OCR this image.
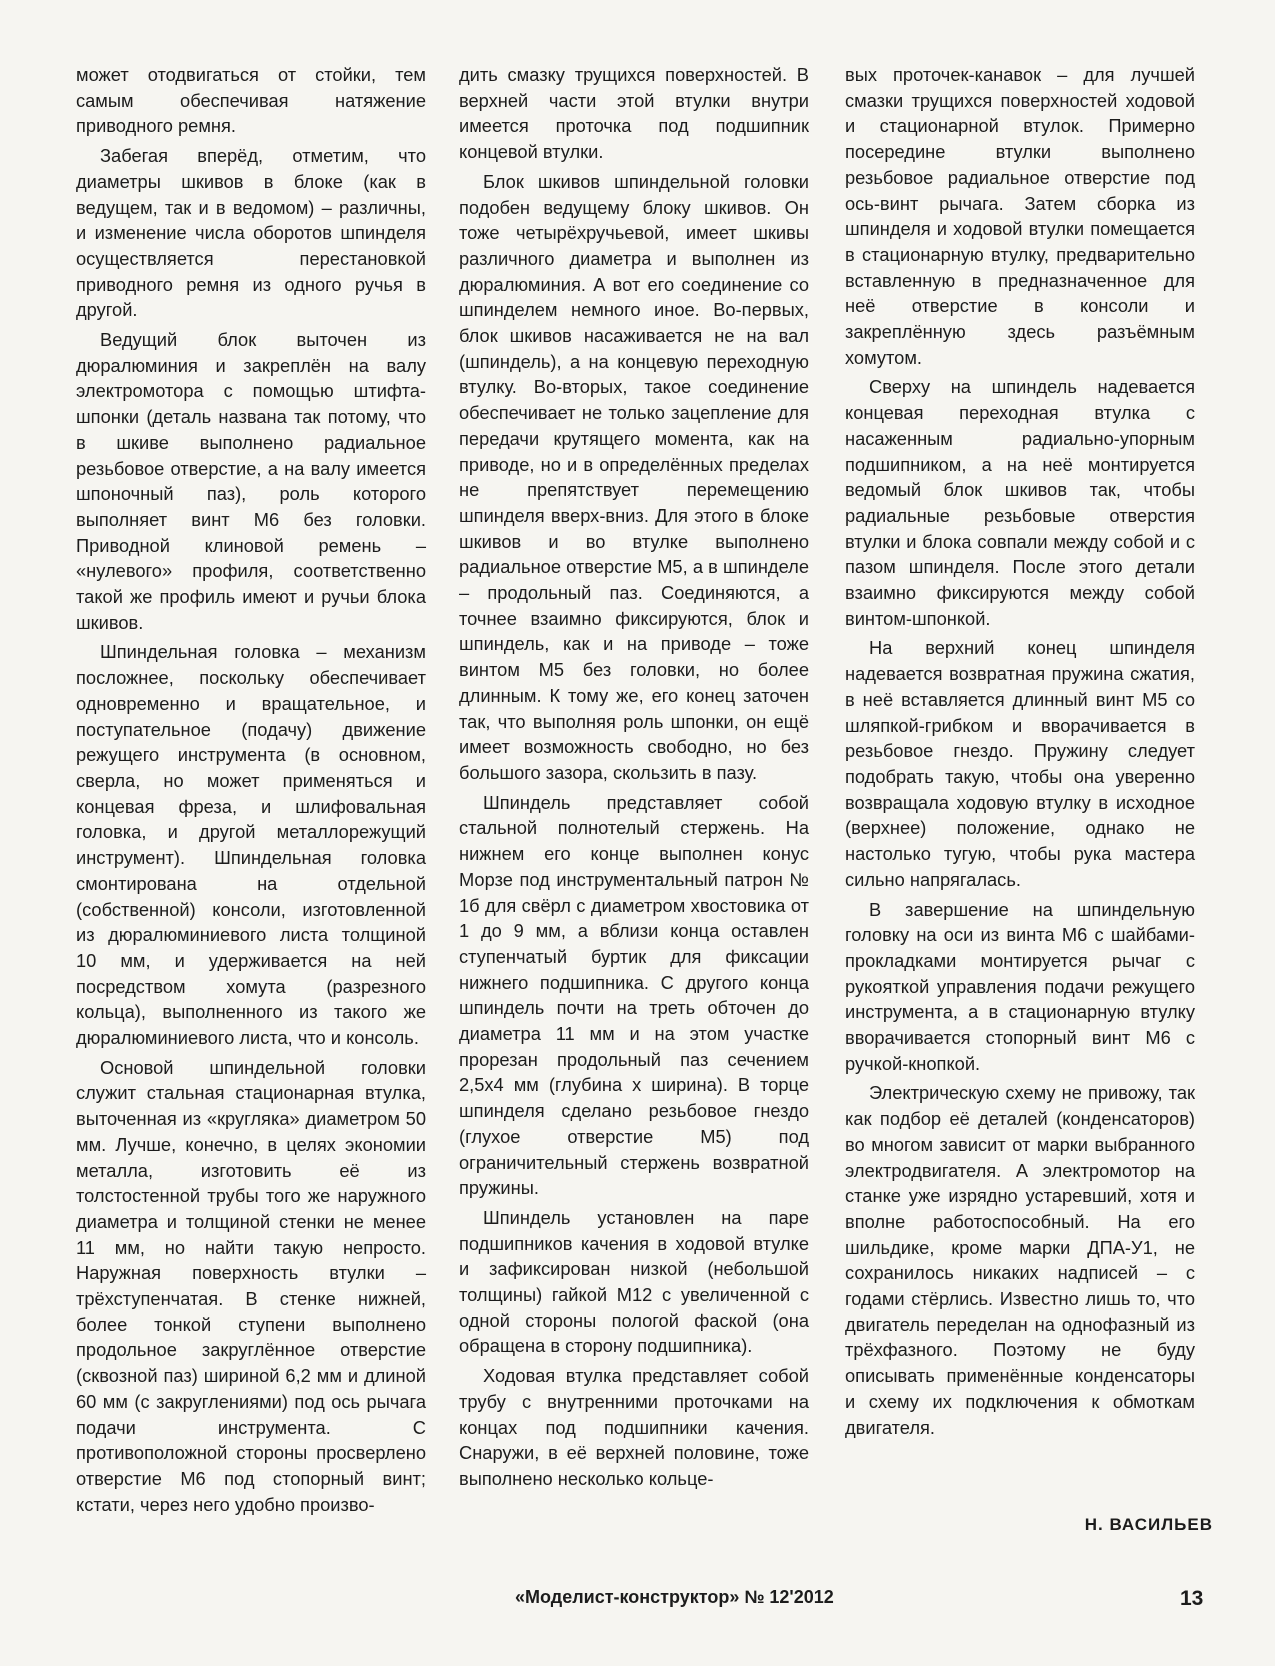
может отодвигаться от стойки, тем самым обеспечивая натяжение приводного ремня.

Забегая вперёд, отметим, что диаметры шкивов в блоке (как в ведущем, так и в ведомом) – различны, и изменение числа оборотов шпинделя осуществляется перестановкой приводного ремня из одного ручья в другой.

Ведущий блок выточен из дюралюминия и закреплён на валу электромотора с помощью штифта-шпонки (деталь названа так потому, что в шкиве выполнено радиальное резьбовое отверстие, а на валу имеется шпоночный паз), роль которого выполняет винт М6 без головки. Приводной клиновой ремень – «нулевого» профиля, соответственно такой же профиль имеют и ручьи блока шкивов.

Шпиндельная головка – механизм посложнее, поскольку обеспечивает одновременно и вращательное, и поступательное (подачу) движение режущего инструмента (в основном, сверла, но может применяться и концевая фреза, и шлифовальная головка, и другой металлорежущий инструмент). Шпиндельная головка смонтирована на отдельной (собственной) консоли, изготовленной из дюралюминиевого листа толщиной 10 мм, и удерживается на ней посредством хомута (разрезного кольца), выполненного из такого же дюралюминиевого листа, что и консоль.

Основой шпиндельной головки служит стальная стационарная втулка, выточенная из «кругляка» диаметром 50 мм. Лучше, конечно, в целях экономии металла, изготовить её из толстостенной трубы того же наружного диаметра и толщиной стенки не менее 11 мм, но найти такую непросто. Наружная поверхность втулки – трёхступенчатая. В стенке нижней, более тонкой ступени выполнено продольное закруглённое отверстие (сквозной паз) шириной 6,2 мм и длиной 60 мм (с закруглениями) под ось рычага подачи инструмента. С противоположной стороны просверлено отверстие М6 под стопорный винт; кстати, через него удобно произво-

дить смазку трущихся поверхностей. В верхней части этой втулки внутри имеется проточка под подшипник концевой втулки.

Блок шкивов шпиндельной головки подобен ведущему блоку шкивов. Он тоже четырёхручьевой, имеет шкивы различного диаметра и выполнен из дюралюминия. А вот его соединение со шпинделем немного иное. Во-первых, блок шкивов насаживается не на вал (шпиндель), а на концевую переходную втулку. Во-вторых, такое соединение обеспечивает не только зацепление для передачи крутящего момента, как на приводе, но и в определённых пределах не препятствует перемещению шпинделя вверх-вниз. Для этого в блоке шкивов и во втулке выполнено радиальное отверстие М5, а в шпинделе – продольный паз. Соединяются, а точнее взаимно фиксируются, блок и шпиндель, как и на приводе – тоже винтом М5 без головки, но более длинным. К тому же, его конец заточен так, что выполняя роль шпонки, он ещё имеет возможность свободно, но без большого зазора, скользить в пазу.

Шпиндель представляет собой стальной полнотелый стержень. На нижнем его конце выполнен конус Морзе под инструментальный патрон № 1б для свёрл с диаметром хвостовика от 1 до 9 мм, а вблизи конца оставлен ступенчатый буртик для фиксации нижнего подшипника. С другого конца шпиндель почти на треть обточен до диаметра 11 мм и на этом участке прорезан продольный паз сечением 2,5х4 мм (глубина х ширина). В торце шпинделя сделано резьбовое гнездо (глухое отверстие М5) под ограничительный стержень возвратной пружины.

Шпиндель установлен на паре подшипников качения в ходовой втулке и зафиксирован низкой (небольшой толщины) гайкой М12 с увеличенной с одной стороны пологой фаской (она обращена в сторону подшипника).

Ходовая втулка представляет собой трубу с внутренними проточками на концах под подшипники качения. Снаружи, в её верхней половине, тоже выполнено несколько кольце-

вых проточек-канавок – для лучшей смазки трущихся поверхностей ходовой и стационарной втулок. Примерно посередине втулки выполнено резьбовое радиальное отверстие под ось-винт рычага. Затем сборка из шпинделя и ходовой втулки помещается в стационарную втулку, предварительно вставленную в предназначенное для неё отверстие в консоли и закреплённую здесь разъёмным хомутом.

Сверху на шпиндель надевается концевая переходная втулка с насаженным радиально-упорным подшипником, а на неё монтируется ведомый блок шкивов так, чтобы радиальные резьбовые отверстия втулки и блока совпали между собой и с пазом шпинделя. После этого детали взаимно фиксируются между собой винтом-шпонкой.

На верхний конец шпинделя надевается возвратная пружина сжатия, в неё вставляется длинный винт М5 со шляпкой-грибком и вворачивается в резьбовое гнездо. Пружину следует подобрать такую, чтобы она уверенно возвращала ходовую втулку в исходное (верхнее) положение, однако не настолько тугую, чтобы рука мастера сильно напрягалась.

В завершение на шпиндельную головку на оси из винта М6 с шайбами-прокладками монтируется рычаг с рукояткой управления подачи режущего инструмента, а в стационарную втулку вворачивается стопорный винт М6 с ручкой-кнопкой.

Электрическую схему не привожу, так как подбор её деталей (конденсаторов) во многом зависит от марки выбранного электродвигателя. А электромотор на станке уже изрядно устаревший, хотя и вполне работоспособный. На его шильдике, кроме марки ДПА-У1, не сохранилось никаких надписей – с годами стёрлись. Известно лишь то, что двигатель переделан на однофазный из трёхфазного. Поэтому не буду описывать применённые конденсаторы и схему их подключения к обмоткам двигателя.

Н. ВАСИЛЬЕВ
«Моделист-конструктор» № 12'2012	13
